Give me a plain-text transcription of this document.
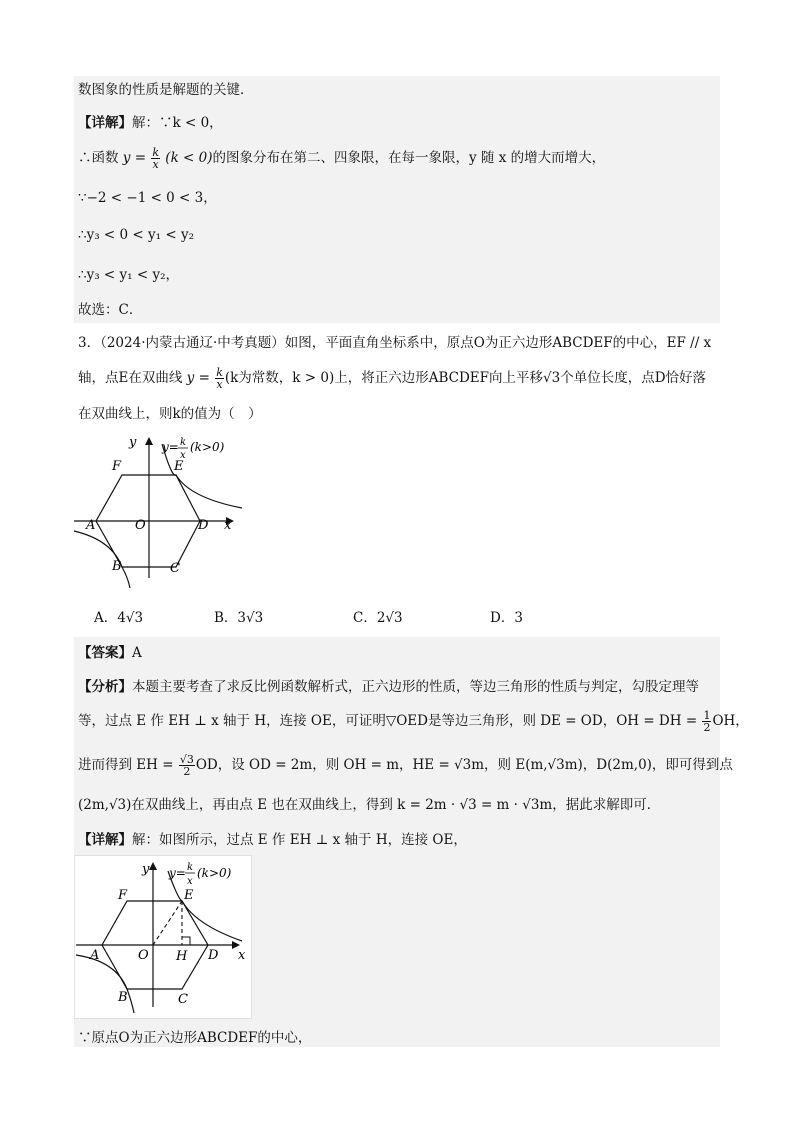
数图象的性质是解题的关键．
【详解】解：∵k < 0，
∴函数 $y = \frac{k}{x} (k < 0)$的图象分布在第二、四象限，在每一象限，y 随 x 的增大而增大，
∵−2 < −1 < 0 < 3，
∴y₃ < 0 < y₁ < y₂
∴y₃ < y₁ < y₂，
故选：C．
3．（2024·内蒙古通辽·中考真题）如图，平面直角坐标系中，原点O为正六边形ABCDEF的中心，EF // x
轴，点E在双曲线 $y = \frac{k}{x} (k$为常数，k > 0)上，将正六边形ABCDEF向上平移√3个单位长度，点D恰好落
在双曲线上，则k的值为（　）
y
x
F	E
A	O	D
B	C
y= k
x
(k>0)
A．4√3	B．3√3	C．2√3	D．3
【答案】A
【分析】本题主要考查了求反比例函数解析式，正六边形的性质，等边三角形的性质与判定，勾股定理等
等，过点 E 作 EH ⊥ x 轴于 H，连接 OE，可证明▽OED是等边三角形，则 DE = OD，OH = DH = $\frac{1}{2}$ OH，
进而得到 EH = $\frac{√3}{2}$ OD，设 OD = 2m，则 OH = m，HE = √3m，则 E(m,√3m)，D(2m,0)，即可得到点
(2m,√3)在双曲线上，再由点 E 也在双曲线上，得到 k = 2m · √3 = m · √3m，据此求解即可．
【详解】解：如图所示，过点 E 作 EH ⊥ x 轴于 H，连接 OE，
y
x
F	E
A	O H D
B	C
y= k
x
(k>0)
∵原点O为正六边形ABCDEF的中心，
